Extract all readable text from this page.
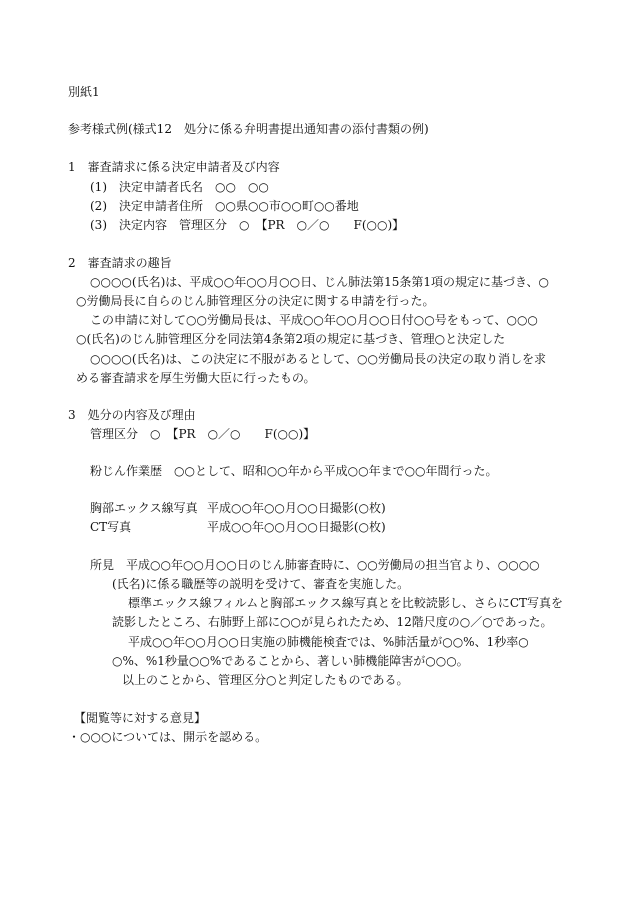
別紙1
参考様式例(様式12　処分に係る弁明書提出通知書の添付書類の例)
1　審査請求に係る決定申請者及び内容
(1)　決定申請者氏名　○○　○○
(2)　決定申請者住所　○○県○○市○○町○○番地
(3)　決定内容　管理区分　○　【PR　○／○　　F(○○)】
2　審査請求の趣旨
○○○○(氏名)は、平成○○年○○月○○日、じん肺法第15条第1項の規定に基づき、○
○労働局長に自らのじん肺管理区分の決定に関する申請を行った。
この申請に対して○○労働局長は、平成○○年○○月○○日付○○号をもって、○○○
○(氏名)のじん肺管理区分を同法第4条第2項の規定に基づき、管理○と決定した
○○○○(氏名)は、この決定に不服があるとして、○○労働局長の決定の取り消しを求
める審査請求を厚生労働大臣に行ったもの。
3　処分の内容及び理由
管理区分　○　【PR　○／○　　F(○○)】
粉じん作業歴　○○として、昭和○○年から平成○○年まで○○年間行った。
胸部エックス線写真 平成○○年○○月○○日撮影(○枚)
CT写真	平成○○年○○月○○日撮影(○枚)
所見　平成○○年○○月○○日のじん肺審査時に、○○労働局の担当官より、○○○○
(氏名)に係る職歴等の説明を受けて、審査を実施した。
標準エックス線フィルムと胸部エックス線写真とを比較読影し、さらにCT写真を
読影したところ、右肺野上部に○○が見られたため、12階尺度の○／○であった。
平成○○年○○月○○日実施の肺機能検査では、%肺活量が○○%、1秒率○
○%、%1秒量○○%であることから、著しい肺機能障害が○○○。
以上のことから、管理区分○と判定したものである。
【閲覧等に対する意見】
・○○○については、開示を認める。
